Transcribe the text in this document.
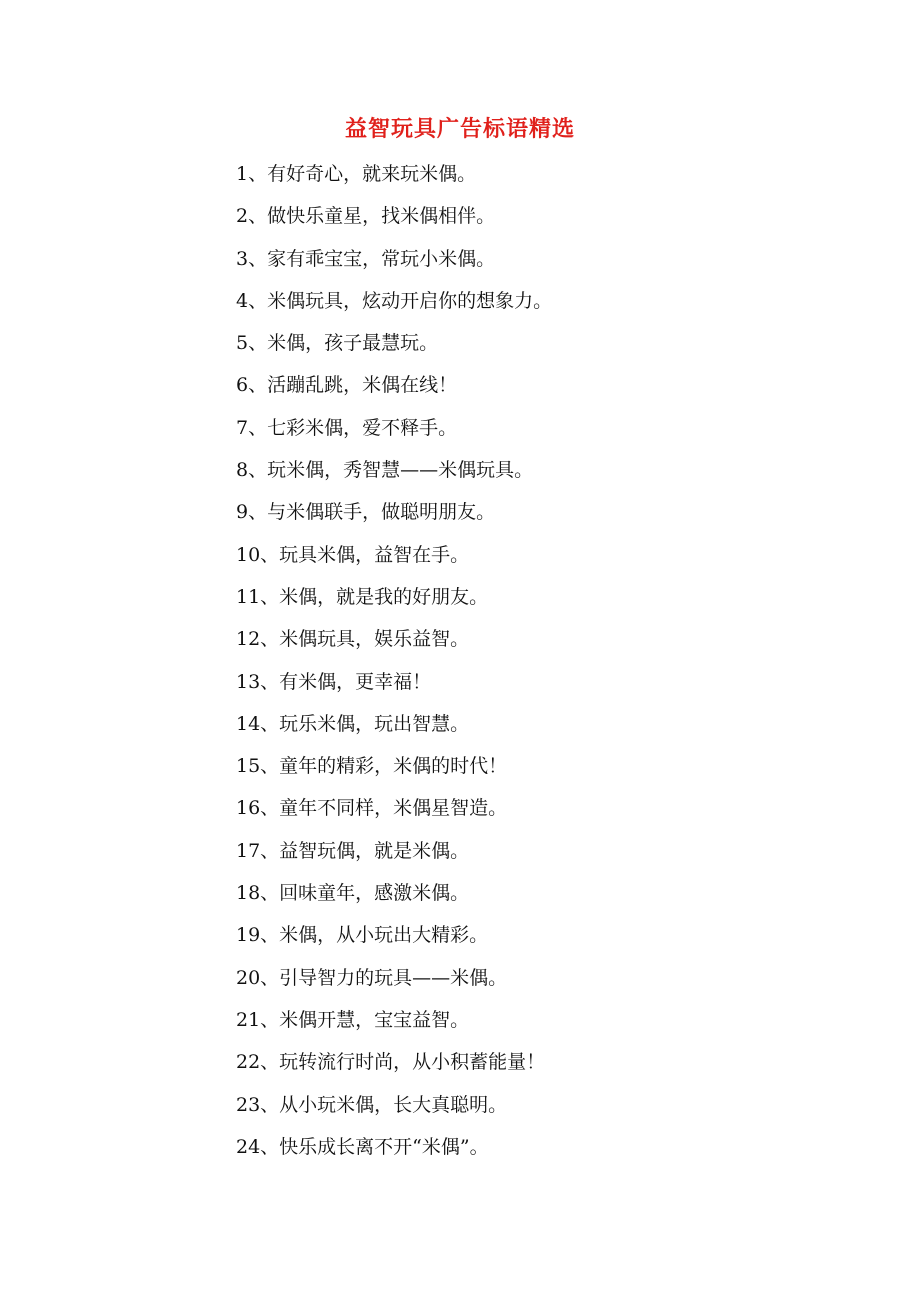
益智玩具广告标语精选
1、有好奇心，就来玩米偶。
2、做快乐童星，找米偶相伴。
3、家有乖宝宝，常玩小米偶。
4、米偶玩具，炫动开启你的想象力。
5、米偶，孩子最慧玩。
6、活蹦乱跳，米偶在线！
7、七彩米偶，爱不释手。
8、玩米偶，秀智慧——米偶玩具。
9、与米偶联手，做聪明朋友。
10、玩具米偶，益智在手。
11、米偶，就是我的好朋友。
12、米偶玩具，娱乐益智。
13、有米偶，更幸福！
14、玩乐米偶，玩出智慧。
15、童年的精彩，米偶的时代！
16、童年不同样，米偶星智造。
17、益智玩偶，就是米偶。
18、回味童年，感激米偶。
19、米偶，从小玩出大精彩。
20、引导智力的玩具——米偶。
21、米偶开慧，宝宝益智。
22、玩转流行时尚，从小积蓄能量！
23、从小玩米偶，长大真聪明。
24、快乐成长离不开“米偶”。
